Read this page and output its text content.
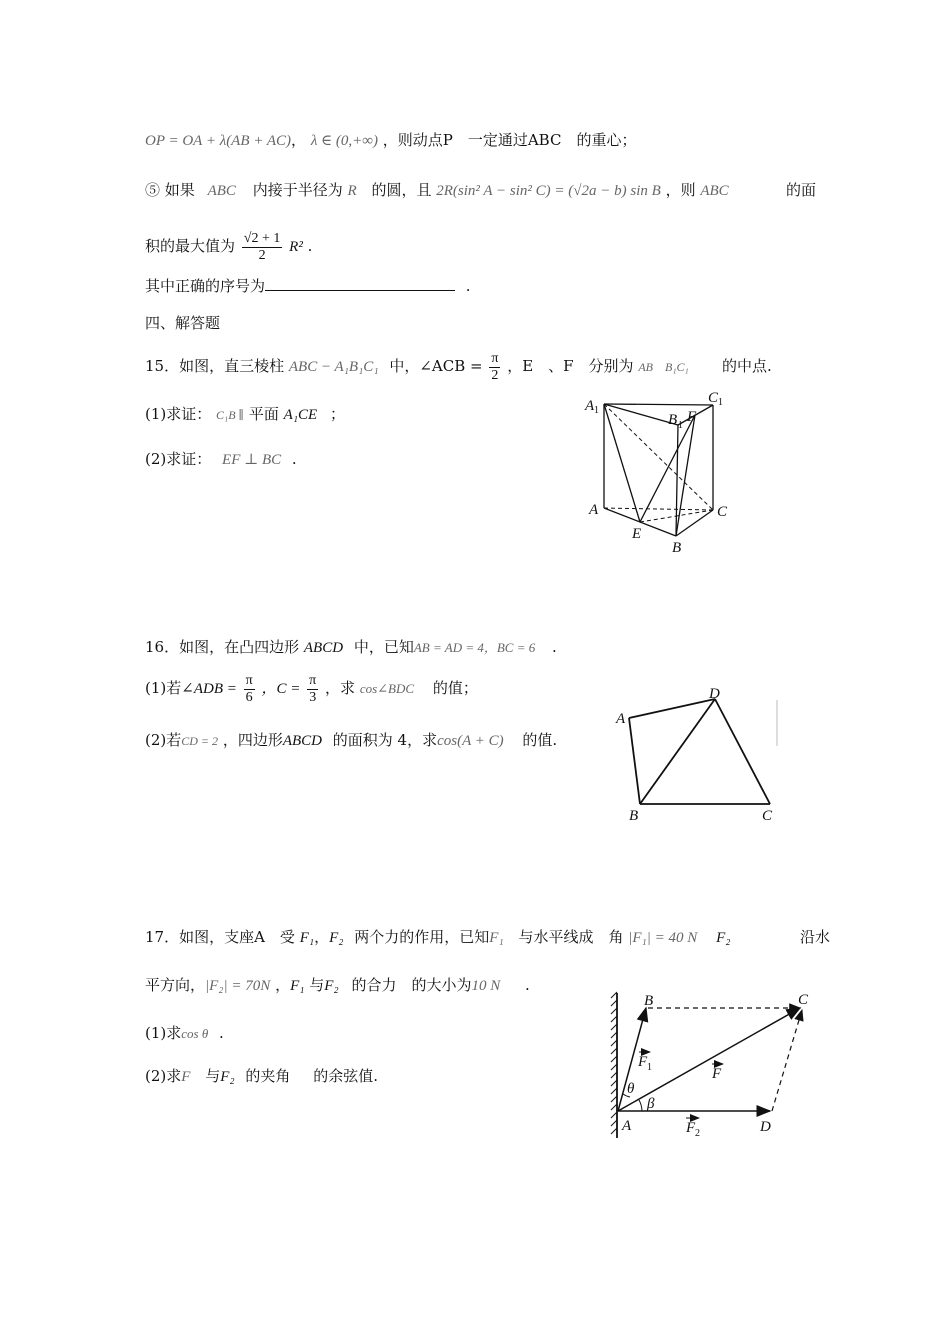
OP = OA + λ(AB + AC)， λ ∈ (0,+∞) ，则动点P　一定通过ABC　的重心；
⑤ 如果 ABC 内接于半径为 R 的圆，且 2R(sin² A − sin² C) = (√2a − b) sin B ，则 ABC	的面
积的最大值为 $\frac{√2 + 1}{2} R^2$ .
其中正确的序号为	.
四、解答题
15．如图，直三棱柱 ABC − A₁B₁C₁ 中，∠ACB = $\frac{\pi}{2}$ ，E　、F　分别为 AB　B₁C₁ 的中点.
(1)求证： C₁B ∥ 平面 A₁CE ；
(2)求证： EF ⊥ BC .
A 1
C 1
B 1
F
A	C
E
B
16．如图，在凸四边形 ABCD 中，已知AB = AD = 4，BC = 6 .
(1)若∠ADB = $\frac{\pi}{6}$ ，$C = \frac{\pi}{3}$ ，求 cos∠BDC 的值；
(2)若CD = 2 ，四边形ABCD 的面积为 4，求cos(A + C) 的值.
A
D
B	C
17．如图，支座A　受 F₁，F₂ 两个力的作用，已知F₁ 与水平线成　角 |F₁| = 40 N F₂	沿水
平方向，|F₂| = 70N ，F₁ 与F₂ 的合力　的大小为10 N .
(1)求cos θ .
(2)求F 与F₂ 的夹角 的余弦值.
B	C
A	D
F 1	F
F 2
θ
β
